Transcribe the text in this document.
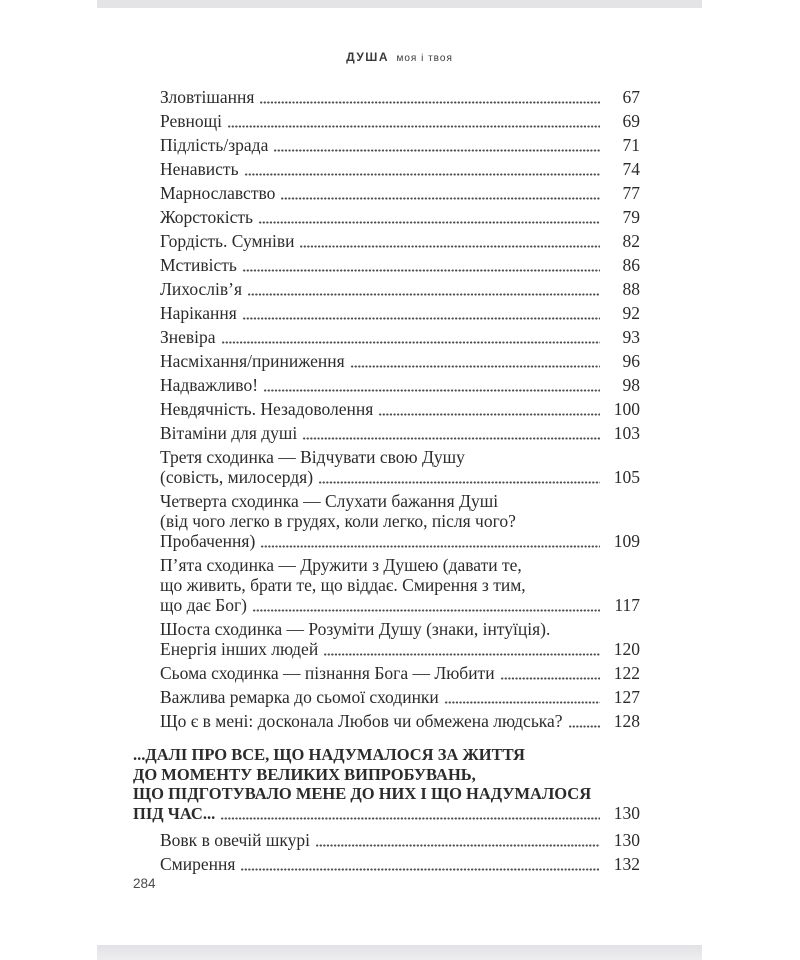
ДУША моя і твоя
Зловтішання	67
Ревнощі	69
Підлість/зрада	71
Ненависть	74
Марнославство	77
Жорстокість	79
Гордість. Сумніви	82
Мстивість	86
Лихослів’я	88
Нарікання	92
Зневіра	93
Насміхання/приниження	96
Надважливо!	98
Невдячність. Незадоволення	100
Вітаміни для душі	103
Третя сходинка — Відчувати свою Душу
(совість, милосердя)	105
Четверта сходинка — Слухати бажання Душі
(від чого легко в грудях, коли легко, після чого?
Пробачення)	109
П’ята сходинка — Дружити з Душею (давати те,
що живить, брати те, що віддає. Смирення з тим,
що дає Бог)	117
Шоста сходинка — Розуміти Душу (знаки, інтуїція).
Енергія інших людей	120
Сьома сходинка — пізнання Бога — Любити	122
Важлива ремарка до сьомої сходинки	127
Що є в мені: досконала Любов чи обмежена людська?	128
...ДАЛІ ПРО ВСЕ, ЩО НАДУМАЛОСЯ ЗА ЖИТТЯ
ДО МОМЕНТУ ВЕЛИКИХ ВИПРОБУВАНЬ,
ЩО ПІДГОТУВАЛО МЕНЕ ДО НИХ І ЩО НАДУМАЛОСЯ
ПІД ЧАС...	130
Вовк в овечій шкурі	130
Смирення	132
284
